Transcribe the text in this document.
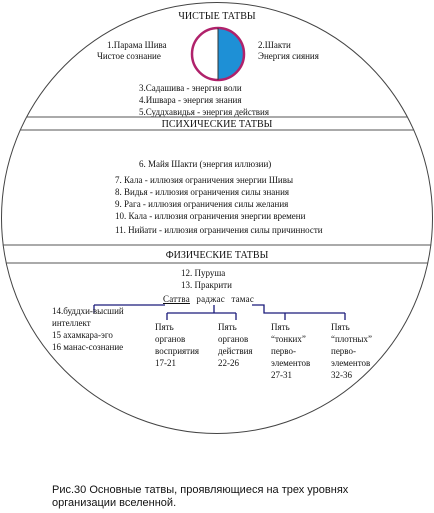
ЧИСТЫЕ ТАТВЫ
1.Парама Шива
Чистое сознание
2.Шакти
Энергия сияния
3.Садашива - энергия воли
4.Ишвара - энергия знания
5.Суддхавидья - энергия действия
ПСИХИЧЕСКИЕ ТАТВЫ
6. Майя Шакти (энергия иллюзии)
7. Кала - иллюзия ограничения энергии Шивы
8. Видья - иллюзия ограничения силы знания
9. Рага - иллюзия ограничения силы желания
10. Кала - иллюзия ограничения энергии времени
11. Нийати - иллюзия ограничения силы причинности
ФИЗИЧЕСКИЕ ТАТВЫ
12. Пуруша
13. Пракрити
Саттва раджас тамас
14.буддхи-высший
интеллект
15 ахамкара-эго
16 манас-сознание
Пять
органов
восприятия
17-21
Пять
органов
действия
22-26
Пять
“тонких”
перво-
элементов
27-31
Пять
“плотных”
перво-
элементов
32-36
Рис.30 Основные татвы, проявляющиеся на трех уровнях
организации вселенной.
